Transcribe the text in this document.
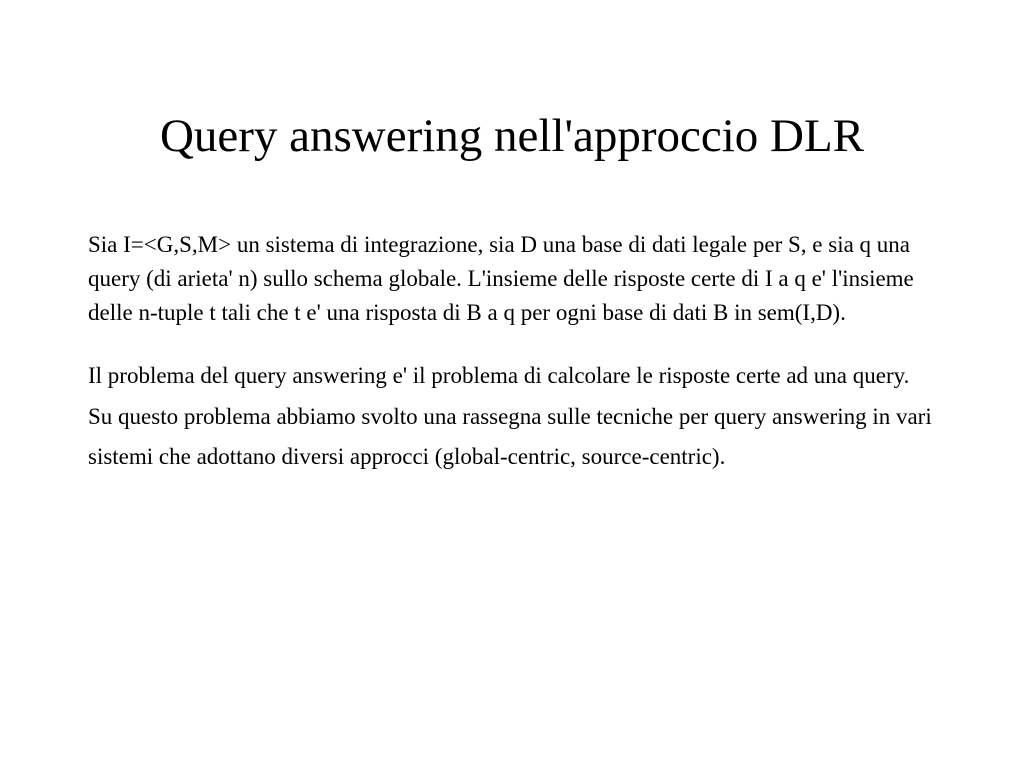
Query answering nell'approccio DLR

Sia I=<G,S,M> un sistema di integrazione, sia D una base di dati legale per S, e sia q una query (di arieta' n) sullo schema globale. L'insieme delle risposte certe di I a q e' l'insieme delle n-tuple t tali che t e' una risposta di B a q per ogni base di dati B in sem(I,D).

Il problema del query answering e' il problema di calcolare le risposte certe ad una query.

Su questo problema abbiamo svolto una rassegna sulle tecniche per query answering in vari sistemi che adottano diversi approcci (global-centric, source-centric).
